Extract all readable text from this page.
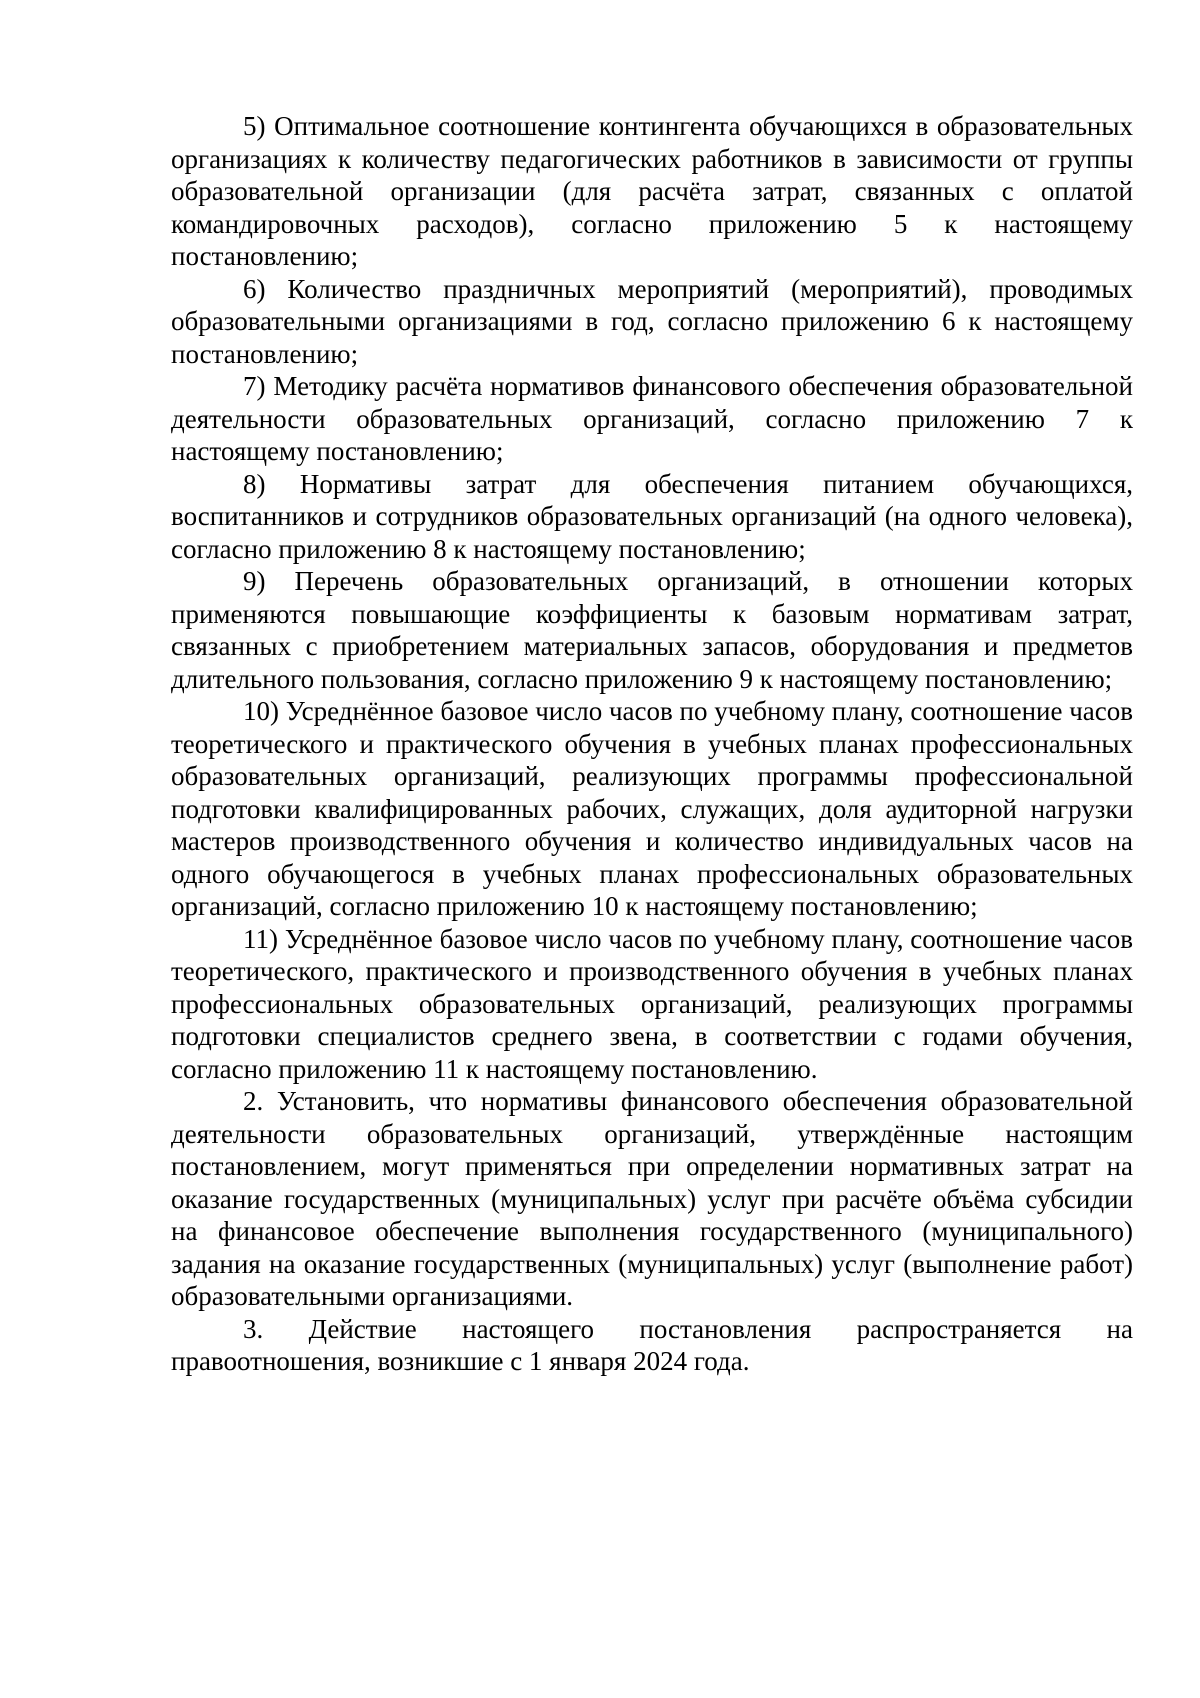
5) Оптимальное соотношение контингента обучающихся в образовательных организациях к количеству педагогических работников в зависимости от группы образовательной организации (для расчёта затрат, связанных с оплатой командировочных расходов), согласно приложению 5 к настоящему постановлению;

6) Количество праздничных мероприятий (мероприятий), проводимых образовательными организациями в год, согласно приложению 6 к настоящему постановлению;

7) Методику расчёта нормативов финансового обеспечения образовательной деятельности образовательных организаций, согласно приложению 7 к настоящему постановлению;

8) Нормативы затрат для обеспечения питанием обучающихся, воспитанников и сотрудников образовательных организаций (на одного человека), согласно приложению 8 к настоящему постановлению;

9) Перечень образовательных организаций, в отношении которых применяются повышающие коэффициенты к базовым нормативам затрат, связанных с приобретением материальных запасов, оборудования и предметов длительного пользования, согласно приложению 9 к настоящему постановлению;

10) Усреднённое базовое число часов по учебному плану, соотношение часов теоретического и практического обучения в учебных планах профессиональных образовательных организаций, реализующих программы профессиональной подготовки квалифицированных рабочих, служащих, доля аудиторной нагрузки мастеров производственного обучения и количество индивидуальных часов на одного обучающегося в учебных планах профессиональных образовательных организаций, согласно приложению 10 к настоящему постановлению;

11) Усреднённое базовое число часов по учебному плану, соотношение часов теоретического, практического и производственного обучения в учебных планах профессиональных образовательных организаций, реализующих программы подготовки специалистов среднего звена, в соответствии с годами обучения, согласно приложению 11 к настоящему постановлению.

2. Установить, что нормативы финансового обеспечения образовательной деятельности образовательных организаций, утверждённые настоящим постановлением, могут применяться при определении нормативных затрат на оказание государственных (муниципальных) услуг при расчёте объёма субсидии на финансовое обеспечение выполнения государственного (муниципального) задания на оказание государственных (муниципальных) услуг (выполнение работ) образовательными организациями.

3. Действие настоящего постановления распространяется на правоотношения, возникшие с 1 января 2024 года.
